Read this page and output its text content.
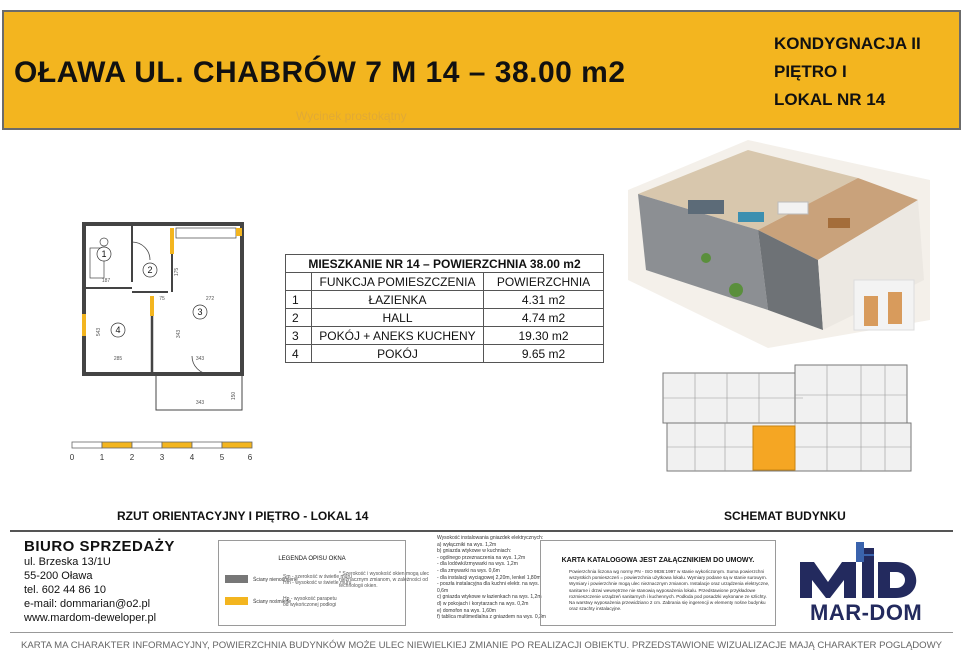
OŁAWA UL. CHABRÓW 7 M 14 – 38.00 m2
KONDYGNACJA II
PIĘTRO I
LOKAL NR 14
Wycinek prostokątny
1
2
3
4
187
272
543	343
285	343
343
75
150
175
0	1	2	3	4	5	6
MIESZKANIE NR 14 – POWIERZCHNIA 38.00 m2		
	FUNKCJA POMIESZCZENIA	POWIERZCHNIA
1	ŁAZIENKA	4.31 m2
2	HALL	4.74 m2
3	POKÓJ + ANEKS KUCHENY	19.30 m2
4	POKÓJ	9.65 m2
RZUT ORIENTACYJNY I PIĘTRO - LOKAL 14	SCHEMAT BUDYNKU
BIURO SPRZEDAŻY
ul. Brzeska 13/1U
55-200 Oława
tel. 602 44 86 10
e-mail: dommarian@o2.pl
www.mardom-deweloper.pl
LEGENDA OPISU OKNA
Ściany nienośmierie
Ściany nośmierie
Sm - szerokość w świetle muru
Hm - wysokość w świetle muru
Hp - wysokość parapetu
od wykończonej podłogi
* Szerokość i wysokość okien mogą ulec
nieznacznym zmianom, w zależności od
technologii okien.
Wysokość instalowania gniazdek elektrycznych:
a) wyłączniki na wys. 1,2m
b) gniazda wtykowe w kuchniach:
- ogólnego przeznaczenia na wys. 1,2m
- dla lodówki/zmywarki na wys. 1,2m
- dla zmywarki na wys. 0,6m
- dla instalacji wyciągowej 2,20m, lenkel 1,80m
- poszła instalacyjna dla kuchni elektr. na wys.
0,6m
c) gniazda wtykowe w łazienkach na wys. 1,2m
d) w pokojach i korytarzach na wys. 0,2m
e) domofon na wys. 1,60m
f) tablica multimedialna z gniazdem na wys. 0,3m
KARTA KATALOGOWA JEST ZAŁĄCZNIKIEM DO UMOWY.
Powierzchnia liczona wg normy PN - ISO 9836:1997 w stanie wykończonym. Suma powierzchni wszystkich pomieszczeń = powierzchnia użytkowa lokalu. Wymiary podane są w stanie surowym. Wymiary i powierzchnie mogą ulec nieznacznym zmianom. Instalacje oraz urządzenia elektryczne, sanitarne i drzwi wewnętrzne nie stanowią wyposażenia lokalu. Przedstawione przykładowe rozmieszczenie urządzeń sanitarnych i kuchennych. Podłoda pod posadzki wykonane ze szlichty. Na warstwy wyposażenia przewidziano 2 cm. Zabrania się ingerencji w elementy nośne budynku oraz szachty instalacyjne.	MAR-DOM
KARTA MA CHARAKTER INFORMACYJNY, POWIERZCHNIA BUDYNKÓW MOŻE ULEC NIEWIELKIEJ ZMIANIE PO REALIZACJI OBIEKTU. PRZEDSTAWIONE WIZUALIZACJE MAJĄ CHARAKTER POGLĄDOWY
